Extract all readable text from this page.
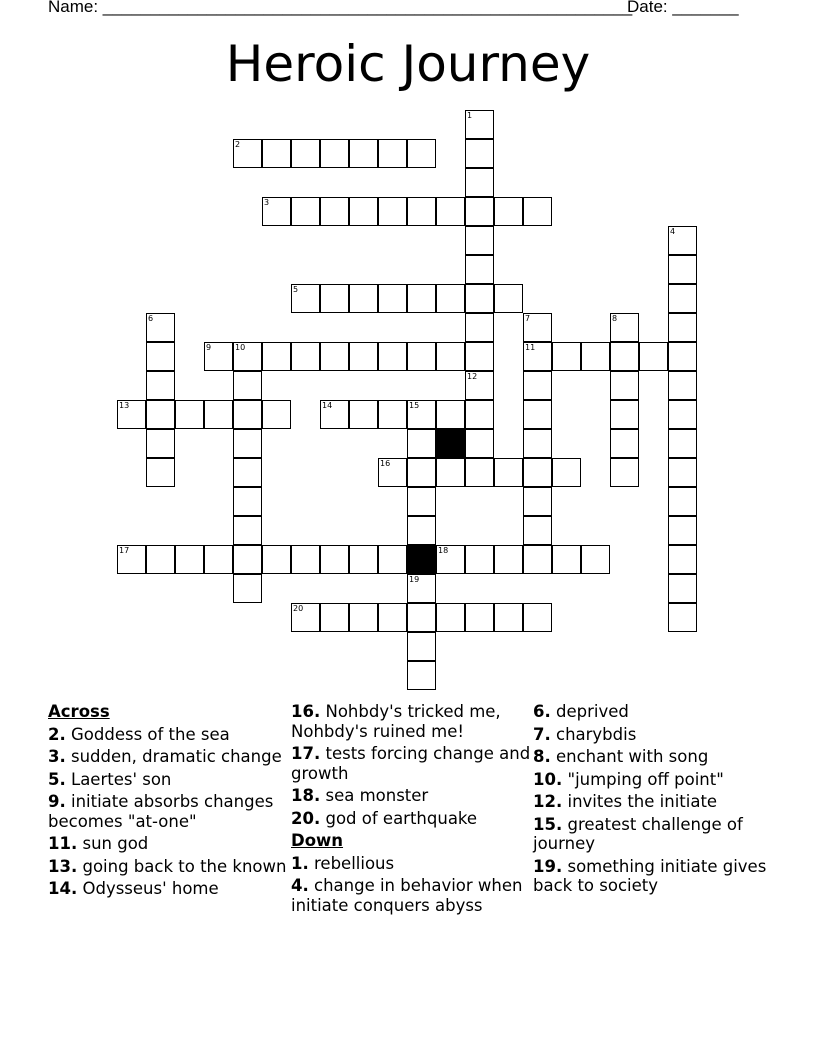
Name: ________________________________________________________
Date: _______
Heroic Journey
1
2
3
4
5
6	7	8
9	10	11
12
13	14	15
16
17	18
19
20
Across
2. Goddess of the sea
3. sudden, dramatic change
5. Laertes' son
9. initiate absorbs changes becomes "at-one"
11. sun god
13. going back to the known
14. Odysseus' home
16. Nohbdy's tricked me, Nohbdy's ruined me!
17. tests forcing change and growth
18. sea monster
20. god of earthquake
Down
1. rebellious
4. change in behavior when initiate conquers abyss
6. deprived
7. charybdis
8. enchant with song
10. "jumping off point"
12. invites the initiate
15. greatest challenge of journey
19. something initiate gives back to society
